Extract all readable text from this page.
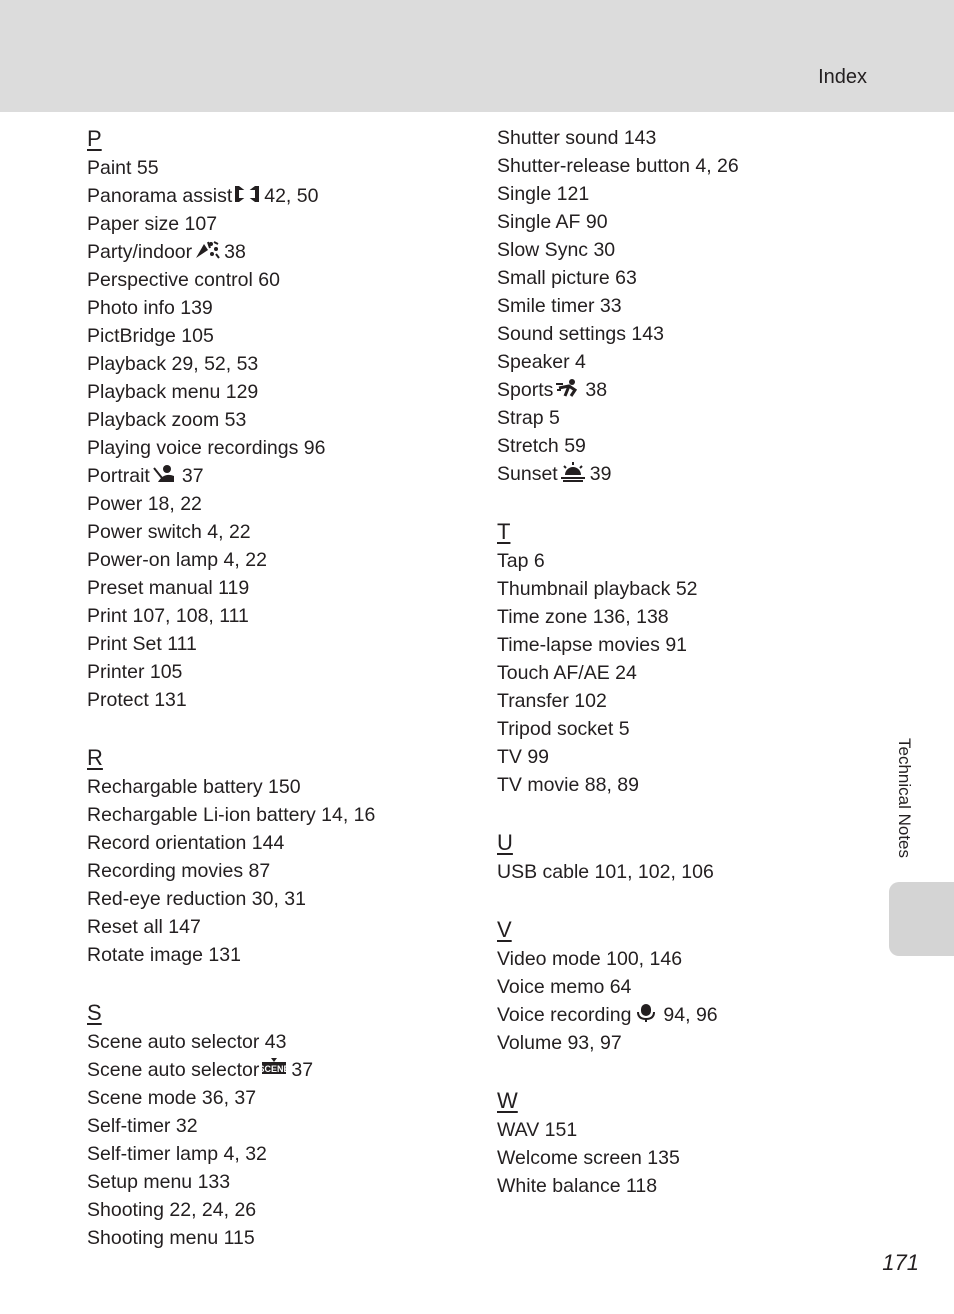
Index
P
Paint 55
Panorama assist 42, 50
Paper size 107
Party/indoor 38
Perspective control 60
Photo info 139
PictBridge 105
Playback 29, 52, 53
Playback menu 129
Playback zoom 53
Playing voice recordings 96
Portrait 37
Power 18, 22
Power switch 4, 22
Power-on lamp 4, 22
Preset manual 119
Print 107, 108, 111
Print Set 111
Printer 105
Protect 131
R
Rechargable battery 150
Rechargable Li-ion battery 14, 16
Record orientation 144
Recording movies 87
Red-eye reduction 30, 31
Reset all 147
Rotate image 131
S
Scene auto selector 43
Scene auto selector SCENE 37
Scene mode 36, 37
Self-timer 32
Self-timer lamp 4, 32
Setup menu 133
Shooting 22, 24, 26
Shooting menu 115
Shutter sound 143
Shutter-release button 4, 26
Single 121
Single AF 90
Slow Sync 30
Small picture 63
Smile timer 33
Sound settings 143
Speaker 4
Sports 38
Strap 5
Stretch 59
Sunset 39
T
Tap 6
Thumbnail playback 52
Time zone 136, 138
Time-lapse movies 91
Touch AF/AE 24
Transfer 102
Tripod socket 5
TV 99
TV movie 88, 89
U
USB cable 101, 102, 106
V
Video mode 100, 146
Voice memo 64
Voice recording 94, 96
Volume 93, 97
W
WAV 151
Welcome screen 135
White balance 118
Technical Notes
171
